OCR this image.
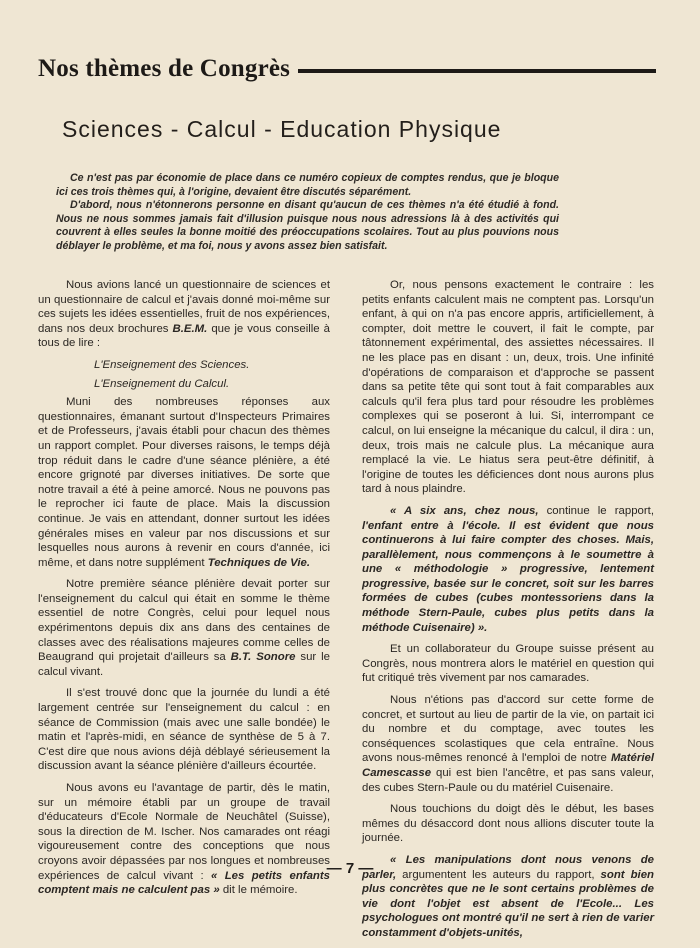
Nos thèmes de Congrès
Sciences - Calcul - Education Physique

Ce n'est pas par économie de place dans ce numéro copieux de comptes rendus, que je bloque ici ces trois thèmes qui, à l'origine, devaient être discutés séparément.

D'abord, nous n'étonnerons personne en disant qu'aucun de ces thèmes n'a été étudié à fond. Nous ne nous sommes jamais fait d'illusion puisque nous nous adressions là à des activités qui couvrent à elles seules la bonne moitié des préoccupations scolaires. Tout au plus pouvions nous déblayer le problème, et ma foi, nous y avons assez bien satisfait.

Nous avions lancé un questionnaire de sciences et un questionnaire de calcul et j'avais donné moi-même sur ces sujets les idées essentielles, fruit de nos expériences, dans nos deux brochures B.E.M. que je vous conseille à tous de lire :

L'Enseignement des Sciences.

L'Enseignement du Calcul.

Muni des nombreuses réponses aux questionnaires, émanant surtout d'Inspecteurs Primaires et de Professeurs, j'avais établi pour chacun des thèmes un rapport complet. Pour diverses raisons, le temps déjà trop réduit dans le cadre d'une séance plénière, a été encore grignoté par diverses initiatives. De sorte que notre travail a été à peine amorcé. Nous ne pouvons pas le reprocher ici faute de place. Mais la discussion continue. Je vais en attendant, donner surtout les idées générales mises en valeur par nos discussions et sur lesquelles nous aurons à revenir en cours d'année, ici même, et dans notre supplément Techniques de Vie.

Notre première séance plénière devait porter sur l'enseignement du calcul qui était en somme le thème essentiel de notre Congrès, celui pour lequel nous expérimentons depuis dix ans dans des centaines de classes avec des réalisations majeures comme celles de Beaugrand qui projetait d'ailleurs sa B.T. Sonore sur le calcul vivant.

Il s'est trouvé donc que la journée du lundi a été largement centrée sur l'enseignement du calcul : en séance de Commission (mais avec une salle bondée) le matin et l'après-midi, en séance de synthèse de 5 à 7. C'est dire que nous avions déjà déblayé sérieusement la discussion avant la séance plénière d'ailleurs écourtée.

Nous avons eu l'avantage de partir, dès le matin, sur un mémoire établi par un groupe de travail d'éducateurs d'Ecole Normale de Neuchâtel (Suisse), sous la direction de M. Ischer. Nos camarades ont réagi vigoureusement contre des conceptions que nous croyons avoir dépassées par nos longues et nombreuses expériences de calcul vivant : « Les petits enfants comptent mais ne calculent pas » dit le mémoire.

Or, nous pensons exactement le contraire : les petits enfants calculent mais ne comptent pas. Lorsqu'un enfant, à qui on n'a pas encore appris, artificiellement, à compter, doit mettre le couvert, il fait le compte, par tâtonnement expérimental, des assiettes nécessaires. Il ne les place pas en disant : un, deux, trois. Une infinité d'opérations de comparaison et d'approche se passent dans sa petite tête qui sont tout à fait comparables aux calculs qu'il fera plus tard pour résoudre les problèmes complexes qui se poseront à lui. Si, interrompant ce calcul, on lui enseigne la mécanique du calcul, il dira : un, deux, trois mais ne calcule plus. La mécanique aura remplacé la vie. Le hiatus sera peut-être définitif, à l'origine de toutes les déficiences dont nous aurons plus tard à nous plaindre.

« A six ans, chez nous, continue le rapport, l'enfant entre à l'école. Il est évident que nous continuerons à lui faire compter des choses. Mais, parallèlement, nous commençons à le soumettre à une « méthodologie » progressive, lentement progressive, basée sur le concret, soit sur les barres formées de cubes (cubes montessoriens dans la méthode Stern-Paule, cubes plus petits dans la méthode Cuisenaire) ».

Et un collaborateur du Groupe suisse présent au Congrès, nous montrera alors le matériel en question qui fut critiqué très vivement par nos camarades.

Nous n'étions pas d'accord sur cette forme de concret, et surtout au lieu de partir de la vie, on partait ici du nombre et du comptage, avec toutes les conséquences scolastiques que cela entraîne. Nous avons nous-mêmes renoncé à l'emploi de notre Matériel Camescasse qui est bien l'ancêtre, et pas sans valeur, des cubes Stern-Paule ou du matériel Cuisenaire.

Nous touchions du doigt dès le début, les bases mêmes du désaccord dont nous allions discuter toute la journée.

« Les manipulations dont nous venons de parler, argumentent les auteurs du rapport, sont bien plus concrètes que ne le sont certains problèmes de vie dont l'objet est absent de l'Ecole... Les psychologues ont montré qu'il ne sert à rien de varier constamment d'objets-unités,

— 7 —
